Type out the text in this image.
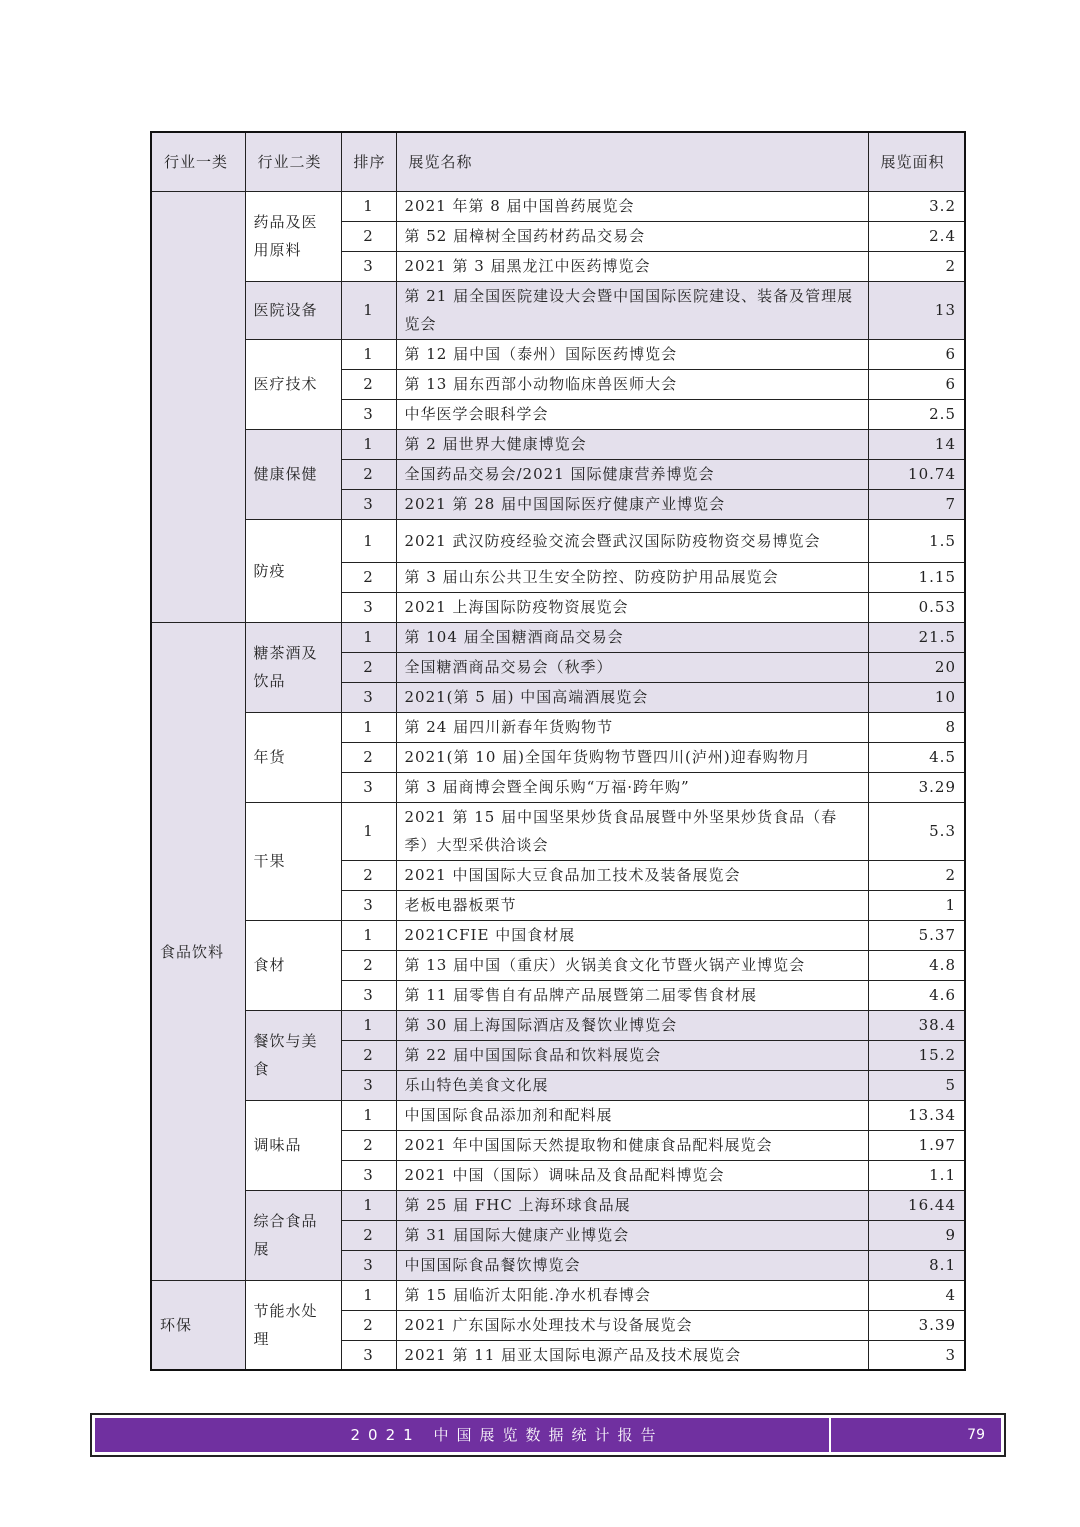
行业一类	行业二类	排序	展览名称	展览面积
	药品及医用原料	1	2021 年第 8 届中国兽药展览会	3.2
		2	第 52 届樟树全国药材药品交易会	2.4
		3	2021 第 3 届黑龙江中医药博览会	2
	医院设备	1	第 21 届全国医院建设大会暨中国国际医院建设、装备及管理展览会	13
	医疗技术	1	第 12 届中国（泰州）国际医药博览会	6
		2	第 13 届东西部小动物临床兽医师大会	6
		3	中华医学会眼科学会	2.5
	健康保健	1	第 2 届世界大健康博览会	14
		2	全国药品交易会/2021 国际健康营养博览会	10.74
		3	2021 第 28 届中国国际医疗健康产业博览会	7
	防疫	1	2021 武汉防疫经验交流会暨武汉国际防疫物资交易博览会	1.5
		2	第 3 届山东公共卫生安全防控、防疫防护用品展览会	1.15
		3	2021 上海国际防疫物资展览会	0.53
食品饮料	糖茶酒及饮品	1	第 104 届全国糖酒商品交易会	21.5
		2	全国糖酒商品交易会（秋季）	20
		3	2021(第 5 届) 中国高端酒展览会	10
	年货	1	第 24 届四川新春年货购物节	8
		2	2021(第 10 届)全国年货购物节暨四川(泸州)迎春购物月	4.5
		3	第 3 届商博会暨全闽乐购“万福·跨年购”	3.29
	干果	1	2021 第 15 届中国坚果炒货食品展暨中外坚果炒货食品（春季）大型采供洽谈会	5.3
		2	2021 中国国际大豆食品加工技术及装备展览会	2
		3	老板电器板栗节	1
	食材	1	2021CFIE 中国食材展	5.37
		2	第 13 届中国（重庆）火锅美食文化节暨火锅产业博览会	4.8
		3	第 11 届零售自有品牌产品展暨第二届零售食材展	4.6
	餐饮与美食	1	第 30 届上海国际酒店及餐饮业博览会	38.4
		2	第 22 届中国国际食品和饮料展览会	15.2
		3	乐山特色美食文化展	5
	调味品	1	中国国际食品添加剂和配料展	13.34
		2	2021 年中国国际天然提取物和健康食品配料展览会	1.97
		3	2021 中国（国际）调味品及食品配料博览会	1.1
	综合食品展	1	第 25 届 FHC 上海环球食品展	16.44
		2	第 31 届国际大健康产业博览会	9
		3	中国国际食品餐饮博览会	8.1
环保	节能水处理	1	第 15 届临沂太阳能.净水机春博会	4
		2	2021 广东国际水处理技术与设备展览会	3.39
		3	2021 第 11 届亚太国际电源产品及技术展览会	3
2021 中国展览数据统计报告	79
